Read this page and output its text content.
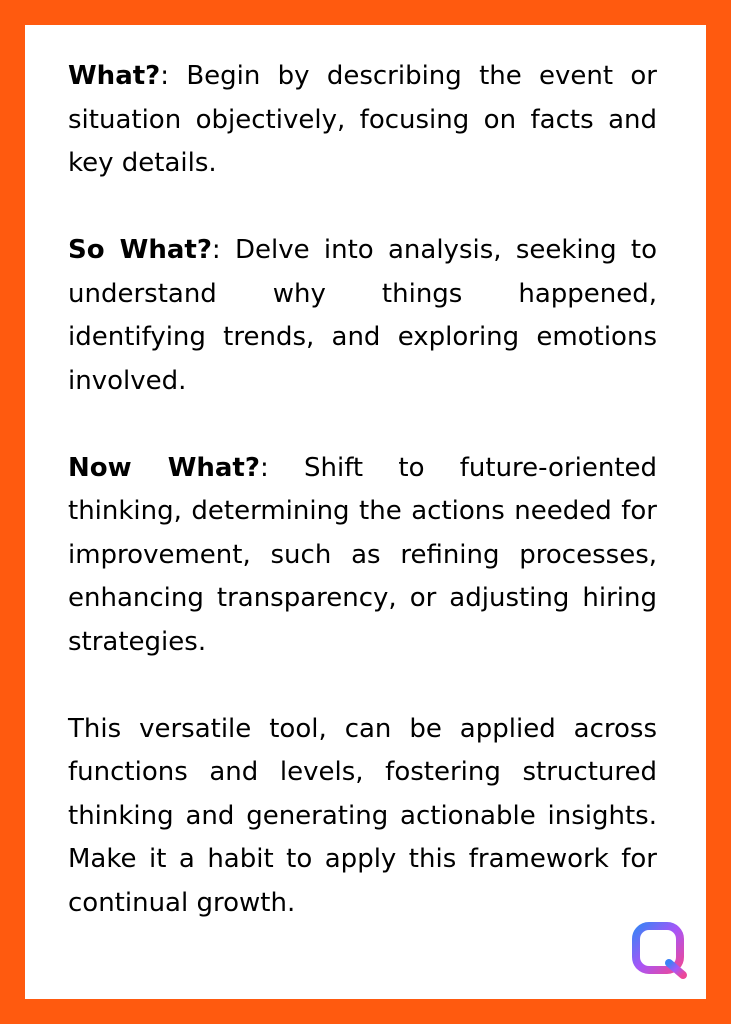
What?: Begin by describing the event or situation objectively, focusing on facts and key details.

So What?: Delve into analysis, seeking to understand why things happened, identifying trends, and exploring emotions involved.

Now What?: Shift to future-oriented thinking, determining the actions needed for improvement, such as refining processes, enhancing transparency, or adjusting hiring strategies.

This versatile tool, can be applied across functions and levels, fostering structured thinking and generating actionable insights. Make it a habit to apply this framework for continual growth.
